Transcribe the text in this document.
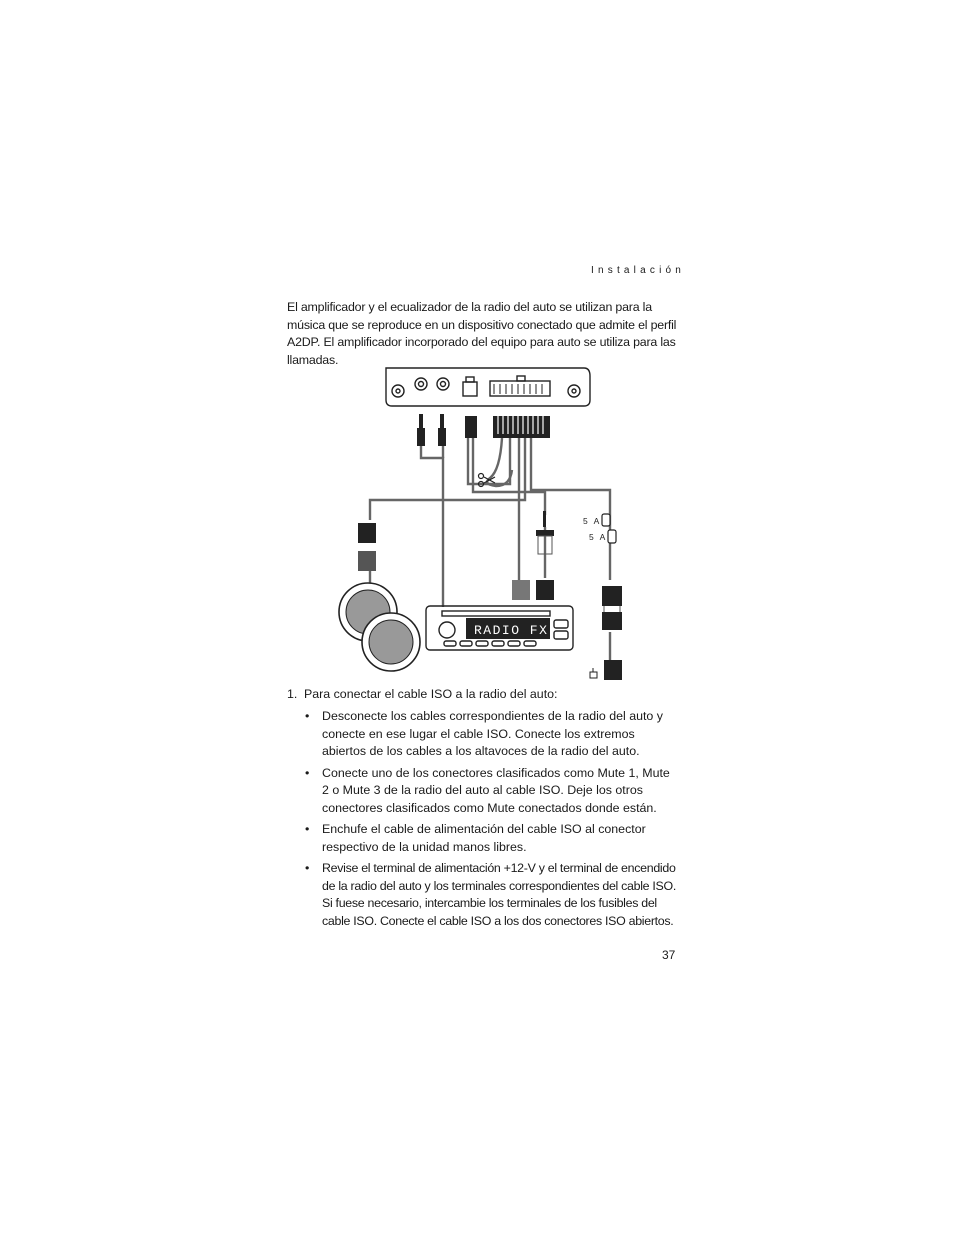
Instalación

El amplificador y el ecualizador de la radio del auto se utilizan para la música que se reproduce en un dispositivo conectado que admite el perfil A2DP. El amplificador incorporado del equipo para auto se utiliza para las llamadas.

5 A
5 A
RADIO FX
1. Para conectar el cable ISO a la radio del auto:
• Desconecte los cables correspondientes de la radio del auto y conecte en ese lugar el cable ISO. Conecte los extremos abiertos de los cables a los altavoces de la radio del auto.
• Conecte uno de los conectores clasificados como Mute 1, Mute 2 o Mute 3 de la radio del auto al cable ISO. Deje los otros conectores clasificados como Mute conectados donde están.
• Enchufe el cable de alimentación del cable ISO al conector respectivo de la unidad manos libres.
• Revise el terminal de alimentación +12-V y el terminal de encendido de la radio del auto y los terminales correspondientes del cable ISO. Si fuese necesario, intercambie los terminales de los fusibles del cable ISO. Conecte el cable ISO a los dos conectores ISO abiertos.
37
